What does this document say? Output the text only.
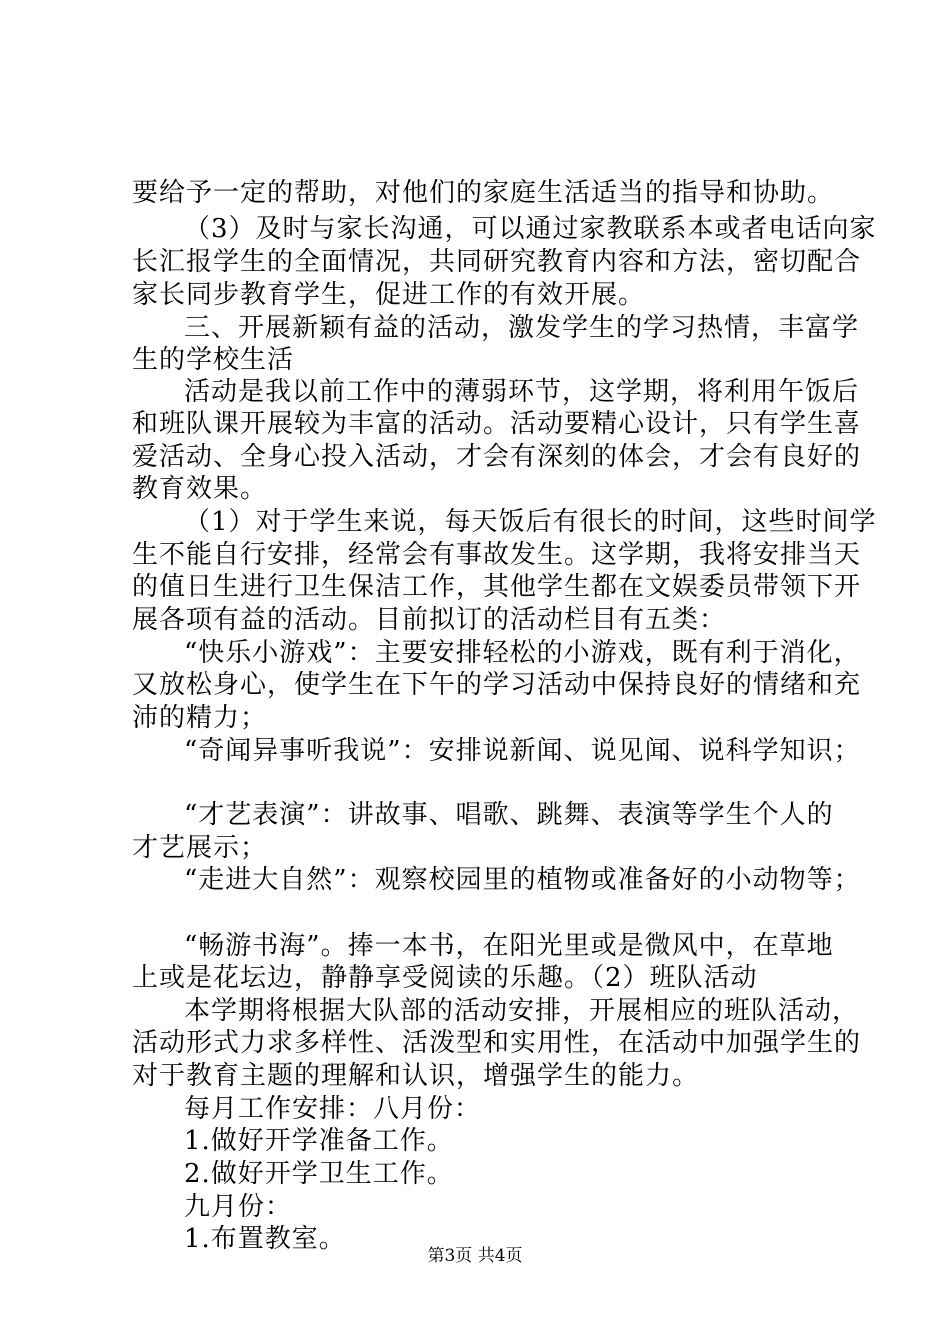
要给予一定的帮助，对他们的家庭生活适当的指导和协助。
（3）及时与家长沟通，可以通过家教联系本或者电话向家
长汇报学生的全面情况，共同研究教育内容和方法，密切配合
家长同步教育学生，促进工作的有效开展。
三、开展新颖有益的活动，激发学生的学习热情，丰富学
生的学校生活
活动是我以前工作中的薄弱环节，这学期，将利用午饭后
和班队课开展较为丰富的活动。活动要精心设计，只有学生喜
爱活动、全身心投入活动，才会有深刻的体会，才会有良好的
教育效果。
（1）对于学生来说，每天饭后有很长的时间，这些时间学
生不能自行安排，经常会有事故发生。这学期，我将安排当天
的值日生进行卫生保洁工作，其他学生都在文娱委员带领下开
展各项有益的活动。目前拟订的活动栏目有五类：
“快乐小游戏”：主要安排轻松的小游戏，既有利于消化，
又放松身心，使学生在下午的学习活动中保持良好的情绪和充
沛的精力；
“奇闻异事听我说”：安排说新闻、说见闻、说科学知识；
“才艺表演”：讲故事、唱歌、跳舞、表演等学生个人的
才艺展示；
“走进大自然”：观察校园里的植物或准备好的小动物等；
“畅游书海”。捧一本书，在阳光里或是微风中，在草地
上或是花坛边，静静享受阅读的乐趣。（2）班队活动
本学期将根据大队部的活动安排，开展相应的班队活动，
活动形式力求多样性、活泼型和实用性，在活动中加强学生的
对于教育主题的理解和认识，增强学生的能力。
每月工作安排：八月份：
1.做好开学准备工作。
2.做好开学卫生工作。
九月份：
1.布置教室。
第3页 共4页
